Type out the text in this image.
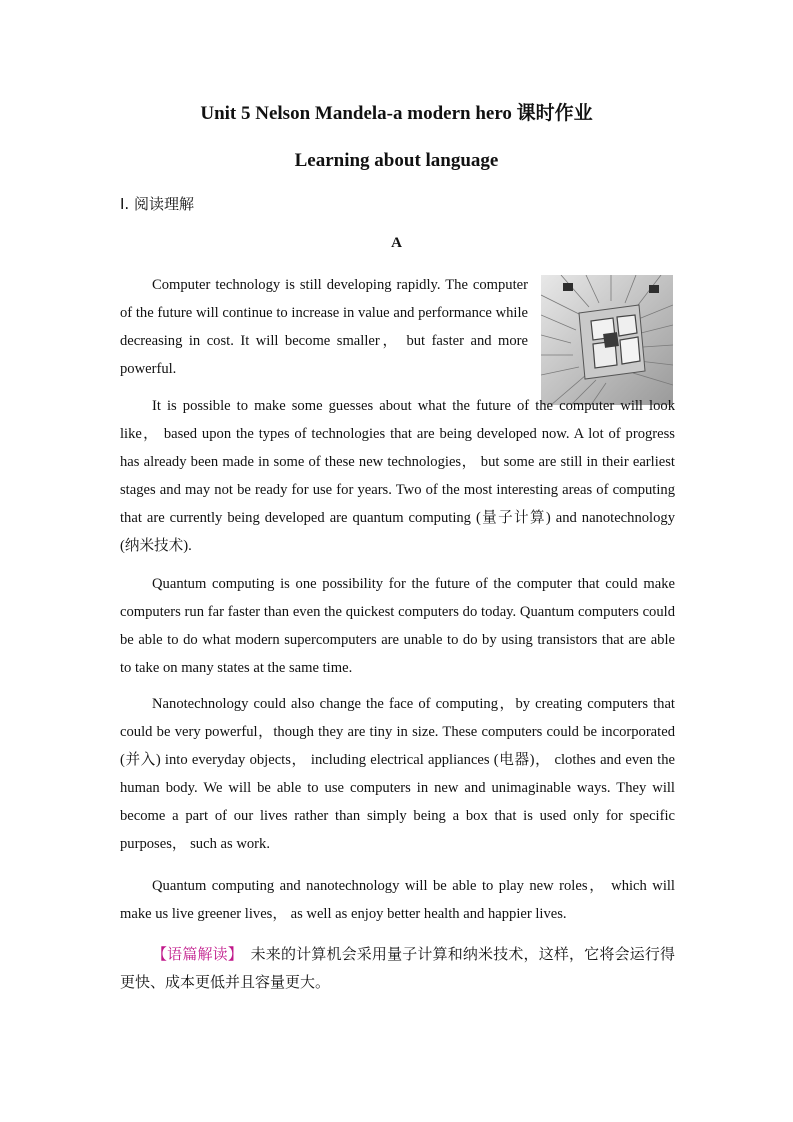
Unit 5 Nelson Mandela-a modern hero 课时作业
Learning about language
Ⅰ. 阅读理解
A
Computer technology is still developing rapidly. The computer of the future will continue to increase in value and performance while decreasing in cost. It will become smaller， but faster and more powerful.
It is possible to make some guesses about what the future of the computer will look like， based upon the types of technologies that are being developed now. A lot of progress has already been made in some of these new technologies， but some are still in their earliest stages and may not be ready for use for years. Two of the most interesting areas of computing that are currently being developed are quantum computing (量子计算) and nanotechnology (纳米技术).
Quantum computing is one possibility for the future of the computer that could make computers run far faster than even the quickest computers do today. Quantum computers could be able to do what modern supercomputers are unable to do by using transistors that are able to take on many states at the same time.
Nanotechnology could also change the face of computing，by creating computers that could be very powerful，though they are tiny in size. These computers could be incorporated (并入) into everyday objects， including electrical appliances (电器)， clothes and even the human body. We will be able to use computers in new and unimaginable ways. They will become a part of our lives rather than simply being a box that is used only for specific purposes， such as work.
Quantum computing and nanotechnology will be able to play new roles， which will make us live greener lives， as well as enjoy better health and happier lives.
【语篇解读】　 未来的计算机会采用量子计算和纳米技术，这样，它将会运行得更快、成本更低并且容量更大。
